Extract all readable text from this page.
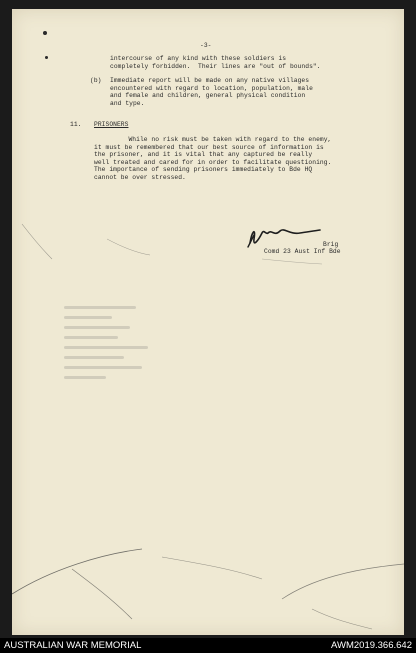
-3-
intercourse of any kind with these soldiers is
completely forbidden.  Their lines are "out of bounds".
(b) Immediate report will be made on any native villages
encountered with regard to location, population, male
and female and children, general physical condition
and type.
11. PRISONERS
While no risk must be taken with regard to the enemy,
it must be remembered that our best source of information is
the prisoner, and it is vital that any captured be really
well treated and cared for in order to facilitate questioning.
The importance of sending prisoners immediately to Bde HQ
cannot be over stressed.
Brig
Comd 23 Aust Inf Bde
AUSTRALIAN WAR MEMORIAL	AWM2019.366.642
